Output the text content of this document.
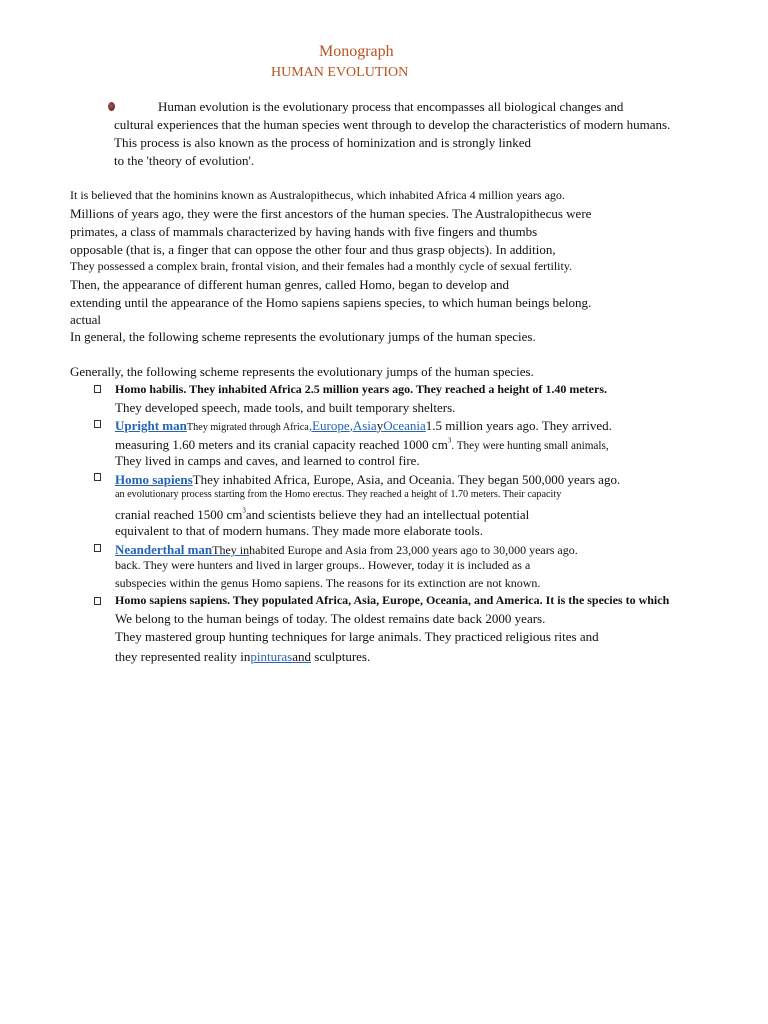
Monograph
HUMAN EVOLUTION
Human evolution is the evolutionary process that encompasses all biological changes and
cultural experiences that the human species went through to develop the characteristics of modern humans.
This process is also known as the process of hominization and is strongly linked
to the 'theory of evolution'.
It is believed that the hominins known as Australopithecus, which inhabited Africa 4 million years ago.
Millions of years ago, they were the first ancestors of the human species. The Australopithecus were
primates, a class of mammals characterized by having hands with five fingers and thumbs
opposable (that is, a finger that can oppose the other four and thus grasp objects). In addition,
They possessed a complex brain, frontal vision, and their females had a monthly cycle of sexual fertility.
Then, the appearance of different human genres, called Homo, began to develop and
extending until the appearance of the Homo sapiens sapiens species, to which human beings belong.
actual
In general, the following scheme represents the evolutionary jumps of the human species.
Generally, the following scheme represents the evolutionary jumps of the human species.
Homo habilis. They inhabited Africa 2.5 million years ago. They reached a height of 1.40 meters.
They developed speech, made tools, and built temporary shelters.
Upright manThey migrated through Africa,Europe,AsiayOceania1.5 million years ago. They arrived.
measuring 1.60 meters and its cranial capacity reached 1000 $cm^3$. They were hunting small animals,
They lived in camps and caves, and learned to control fire.
Homo sapiensThey inhabited Africa, Europe, Asia, and Oceania. They began 500,000 years ago.
an evolutionary process starting from the Homo erectus. They reached a height of 1.70 meters. Their capacity
cranial reached 1500 $cm^3and$ scientists believe they had an intellectual potential
equivalent to that of modern humans. They made more elaborate tools.
Neanderthal manThey inhabited Europe and Asia from 23,000 years ago to 30,000 years ago.
back. They were hunters and lived in larger groups.. However, today it is included as a
subspecies within the genus Homo sapiens. The reasons for its extinction are not known.
Homo sapiens sapiens. They populated Africa, Asia, Europe, Oceania, and America. It is the species to which
We belong to the human beings of today. The oldest remains date back 2000 years.
They mastered group hunting techniques for large animals. They practiced religious rites and
they represented reality inpinturasand sculptures.
